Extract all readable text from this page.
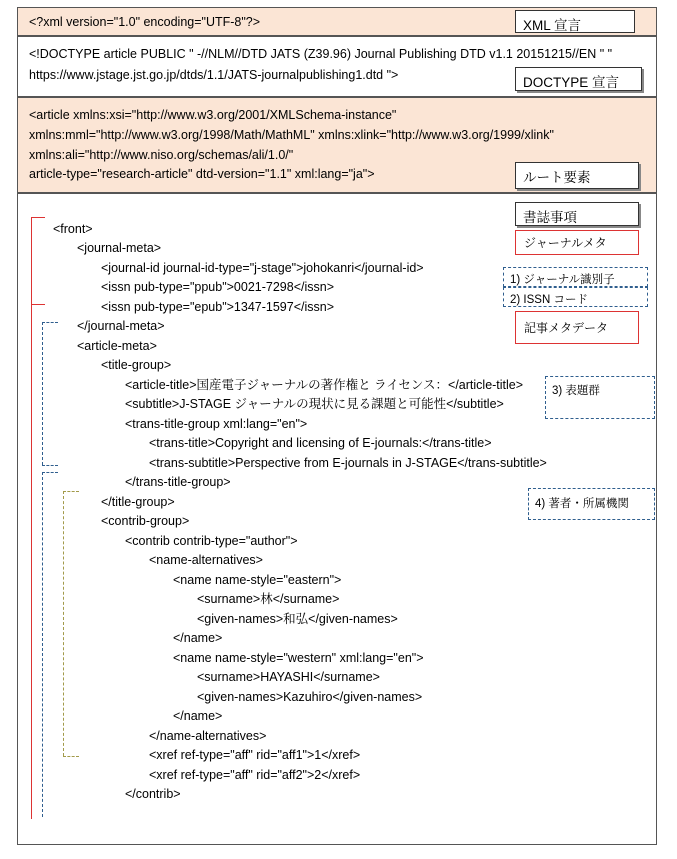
<?xml version="1.0" encoding="UTF-8"?>	XML 宣言
<!DOCTYPE article PUBLIC " -//NLM//DTD JATS (Z39.96) Journal Publishing DTD v1.1 20151215//EN " "
https://www.jstage.jst.go.jp/dtds/1.1/JATS-journalpublishing1.dtd ">	DOCTYPE 宣言
<article xmlns:xsi="http://www.w3.org/2001/XMLSchema-instance"
xmlns:mml="http://www.w3.org/1998/Math/MathML" xmlns:xlink="http://www.w3.org/1999/xlink"
xmlns:ali="http://www.niso.org/schemas/ali/1.0/"
article-type="research-article" dtd-version="1.1" xml:lang="ja">	ルート要素
書誌事項
ジャーナルメタ
1) ジャーナル識別子
2) ISSN コード
記事メタデータ
3) 表題群
4) 著者・所属機関
<front>
<journal-meta>
<journal-id journal-id-type="j-stage">johokanri</journal-id>
<issn pub-type="ppub">0021-7298</issn>
<issn pub-type="epub">1347-1597</issn>
</journal-meta>
<article-meta>
<title-group>
<article-title>国産電子ジャーナルの著作権と ライセンス：</article-title>
<subtitle>J-STAGE ジャーナルの現状に見る課題と可能性</subtitle>
<trans-title-group xml:lang="en">
<trans-title>Copyright and licensing of E-journals:</trans-title>
<trans-subtitle>Perspective from E-journals in J-STAGE</trans-subtitle>
</trans-title-group>
</title-group>
<contrib-group>
<contrib contrib-type="author">
<name-alternatives>
<name name-style="eastern">
<surname>林</surname>
<given-names>和弘</given-names>
</name>
<name name-style="western" xml:lang="en">
<surname>HAYASHI</surname>
<given-names>Kazuhiro</given-names>
</name>
</name-alternatives>
<xref ref-type="aff" rid="aff1">1</xref>
<xref ref-type="aff" rid="aff2">2</xref>
</contrib>
